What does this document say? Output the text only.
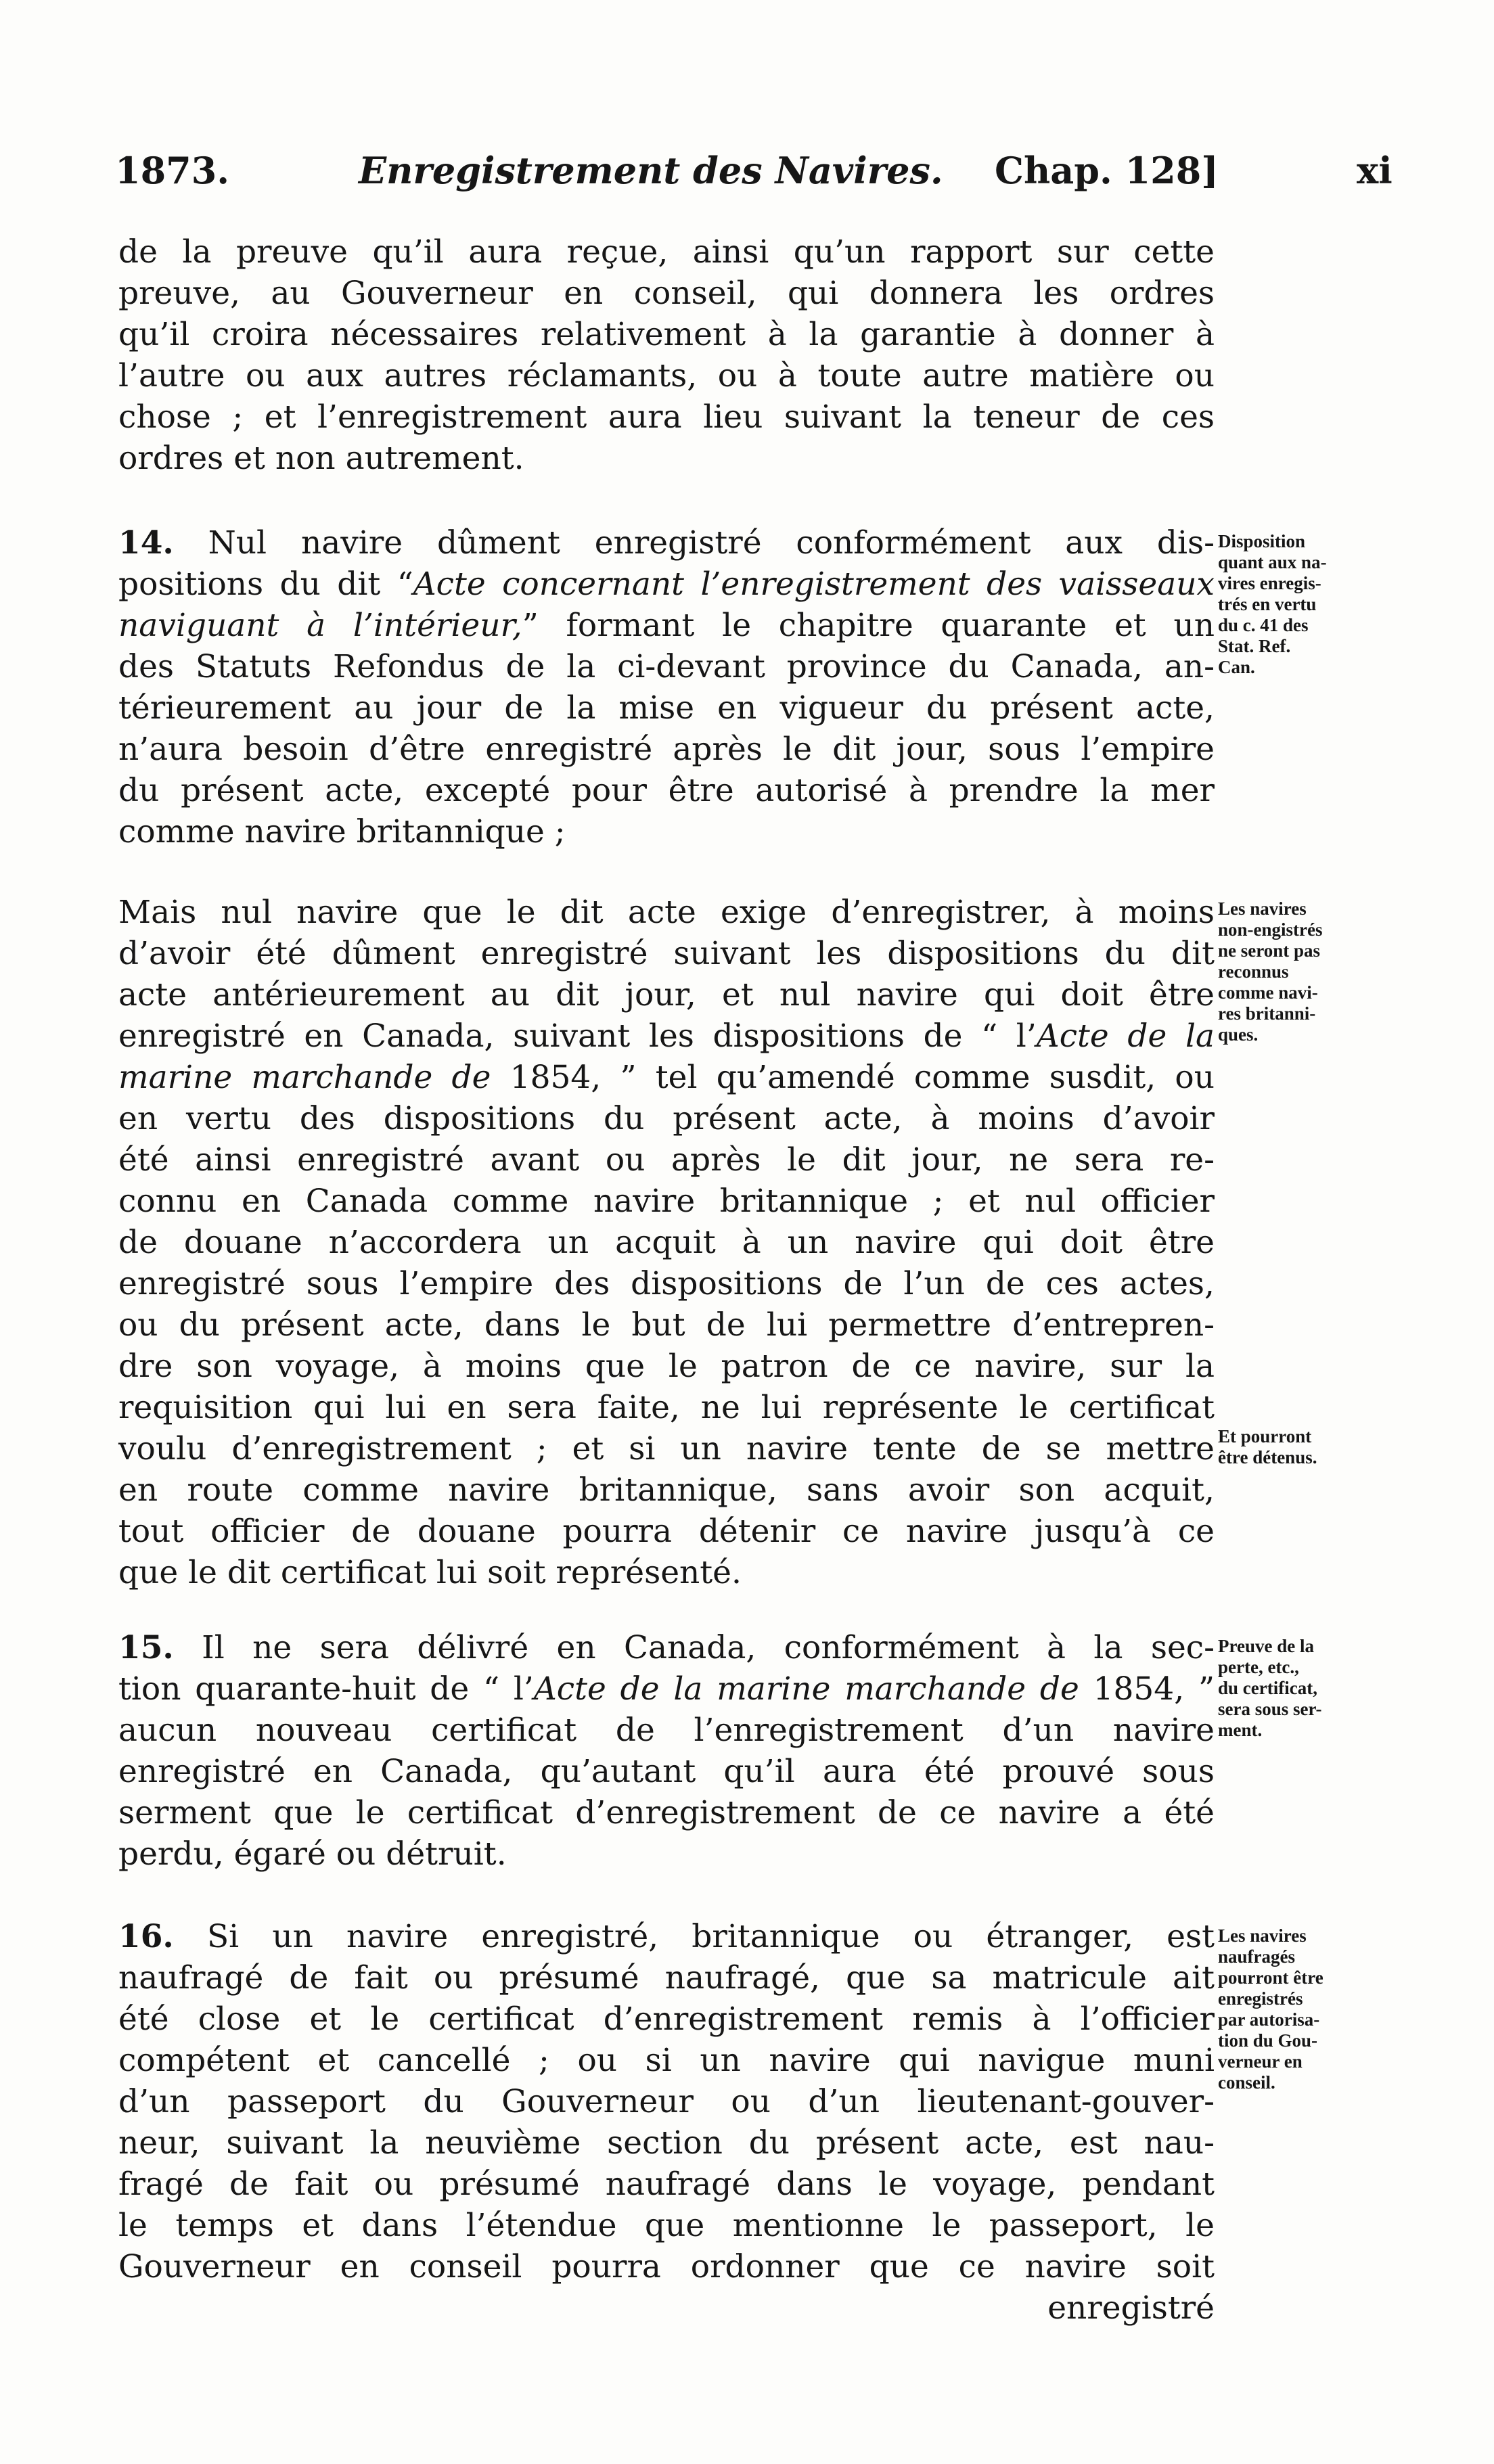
1873.	Enregistrement des Navires. Chap. 128]	xi
de la preuve qu’il aura reçue, ainsi qu’un rapport sur cette
preuve, au Gouverneur en conseil, qui donnera les ordres
qu’il croira nécessaires relativement à la garantie à donner à
l’autre ou aux autres réclamants, ou à toute autre matière ou
chose ; et l’enregistrement aura lieu suivant la teneur de ces
ordres et non autrement.
14. Nul navire dûment enregistré conformément aux dis-
positions du dit “Acte concernant l’enregistrement des vaisseaux
naviguant à l’intérieur,” formant le chapitre quarante et un
des Statuts Refondus de la ci-devant province du Canada, an-
térieurement au jour de la mise en vigueur du présent acte,
n’aura besoin d’être enregistré après le dit jour, sous l’empire
du présent acte, excepté pour être autorisé à prendre la mer
comme navire britannique ;
Mais nul navire que le dit acte exige d’enregistrer, à moins
d’avoir été dûment enregistré suivant les dispositions du dit
acte antérieurement au dit jour, et nul navire qui doit être
enregistré en Canada, suivant les dispositions de “ l’Acte de la
marine marchande de 1854, ” tel qu’amendé comme susdit, ou
en vertu des dispositions du présent acte, à moins d’avoir
été ainsi enregistré avant ou après le dit jour, ne sera re-
connu en Canada comme navire britannique ; et nul officier
de douane n’accordera un acquit à un navire qui doit être
enregistré sous l’empire des dispositions de l’un de ces actes,
ou du présent acte, dans le but de lui permettre d’entrepren-
dre son voyage, à moins que le patron de ce navire, sur la
requisition qui lui en sera faite, ne lui représente le certificat
voulu d’enregistrement ; et si un navire tente de se mettre
en route comme navire britannique, sans avoir son acquit,
tout officier de douane pourra détenir ce navire jusqu’à ce
que le dit certificat lui soit représenté.
15. Il ne sera délivré en Canada, conformément à la sec-
tion quarante-huit de “ l’Acte de la marine marchande de 1854, ”
aucun nouveau certificat de l’enregistrement d’un navire
enregistré en Canada, qu’autant qu’il aura été prouvé sous
serment que le certificat d’enregistrement de ce navire a été
perdu, égaré ou détruit.
16. Si un navire enregistré, britannique ou étranger, est
naufragé de fait ou présumé naufragé, que sa matricule ait
été close et le certificat d’enregistrement remis à l’officier
compétent et cancellé ; ou si un navire qui navigue muni
d’un passeport du Gouverneur ou d’un lieutenant-gouver-
neur, suivant la neuvième section du présent acte, est nau-
fragé de fait ou présumé naufragé dans le voyage, pendant
le temps et dans l’étendue que mentionne le passeport, le
Gouverneur en conseil pourra ordonner que ce navire soit
enregistré
Disposition
quant aux na-
vires enregis-
trés en vertu
du c. 41 des
Stat. Ref.
Can.
Les navires
non-engistrés
ne seront pas
reconnus
comme navi-
res britanni-
ques.
Et pourront
être détenus.
Preuve de la
perte, etc.,
du certificat,
sera sous ser-
ment.
Les navires
naufragés
pourront être
enregistrés
par autorisa-
tion du Gou-
verneur en
conseil.
